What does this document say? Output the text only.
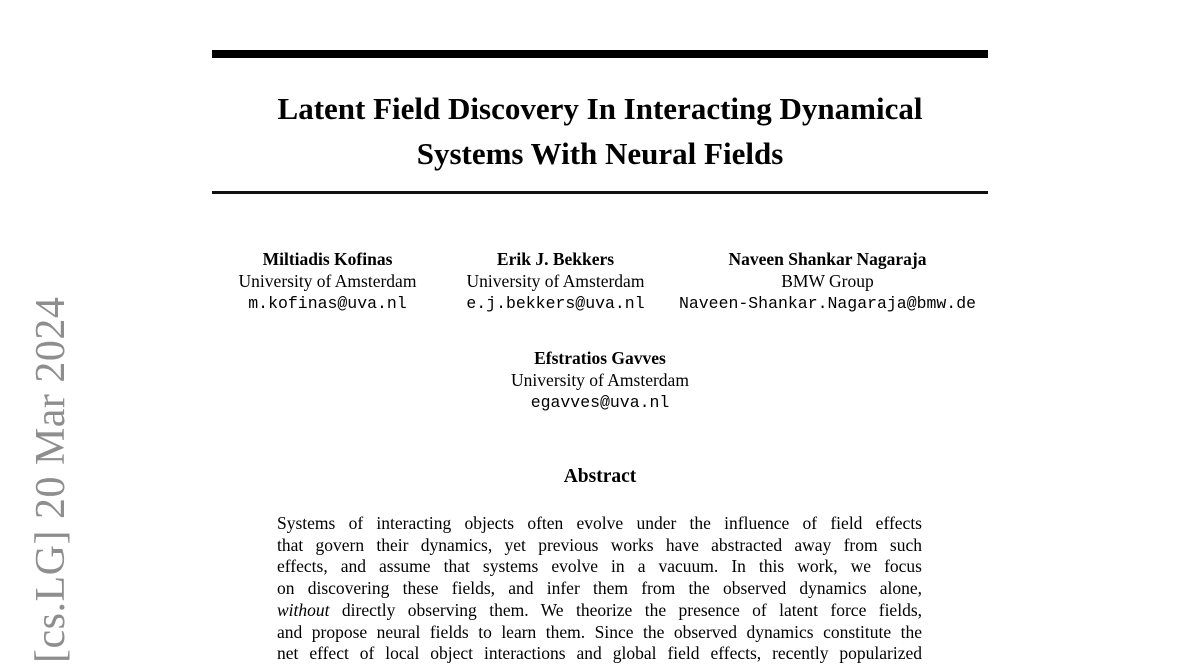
[cs.LG] 20 Mar 2024
Latent Field Discovery In Interacting Dynamical
Systems With Neural Fields
Miltiadis Kofinas
University of Amsterdam
m.kofinas@uva.nl
Erik J. Bekkers
University of Amsterdam
e.j.bekkers@uva.nl
Naveen Shankar Nagaraja
BMW Group
Naveen-Shankar.Nagaraja@bmw.de
Efstratios Gavves
University of Amsterdam
egavves@uva.nl
Abstract
Systems of interacting objects often evolve under the influence of field effects
that govern their dynamics, yet previous works have abstracted away from such
effects, and assume that systems evolve in a vacuum. In this work, we focus
on discovering these fields, and infer them from the observed dynamics alone,
without directly observing them. We theorize the presence of latent force fields,
and propose neural fields to learn them. Since the observed dynamics constitute the
net effect of local object interactions and global field effects, recently popularized
